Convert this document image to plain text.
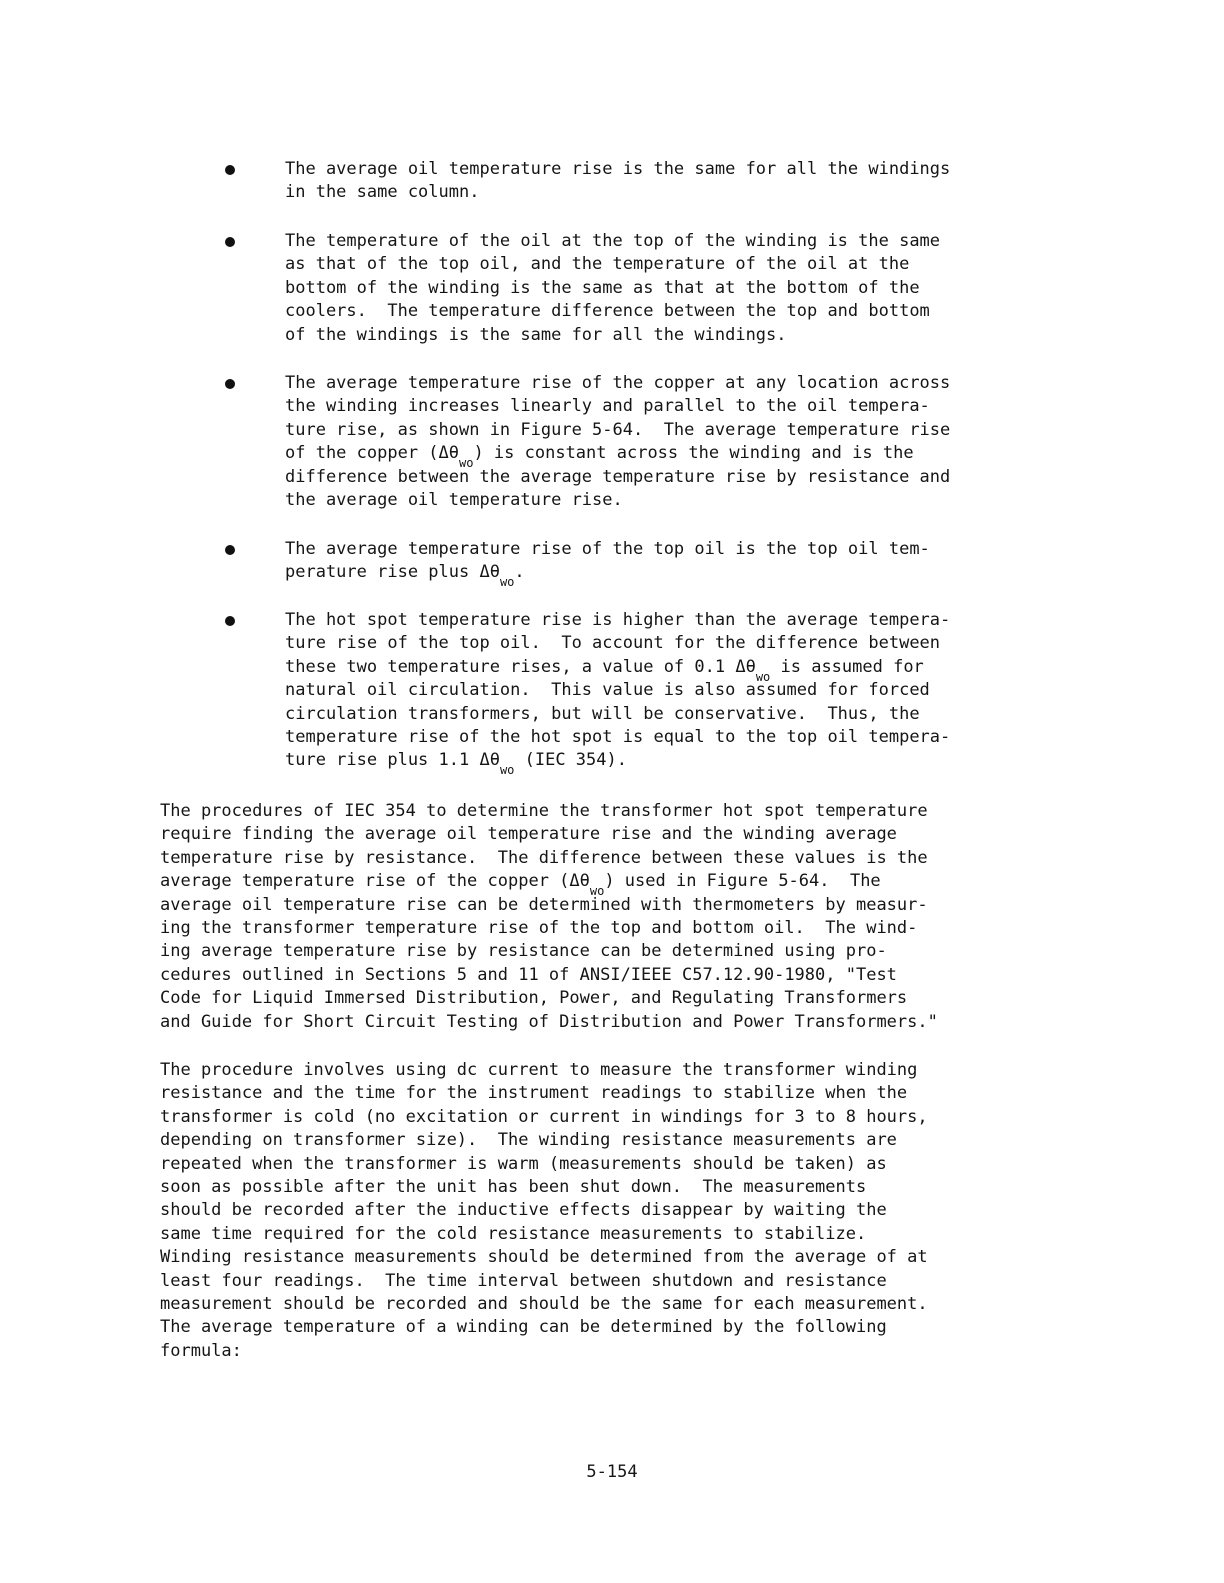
The average oil temperature rise is the same for all the windings
in the same column.
The temperature of the oil at the top of the winding is the same
as that of the top oil, and the temperature of the oil at the
bottom of the winding is the same as that at the bottom of the
coolers.  The temperature difference between the top and bottom
of the windings is the same for all the windings.
The average temperature rise of the copper at any location across
the winding increases linearly and parallel to the oil tempera-
ture rise, as shown in Figure 5-64.  The average temperature rise
of the copper $(\Delta\theta_{wo})$ is constant across the winding and is the
difference between the average temperature rise by resistance and
the average oil temperature rise.
The average temperature rise of the top oil is the top oil tem-
perature rise plus $\Delta\theta_{wo}$.
The hot spot temperature rise is higher than the average tempera-
ture rise of the top oil.  To account for the difference between
these two temperature rises, a value of 0.1 $\Delta\theta_{wo}$ is assumed for
natural oil circulation.  This value is also assumed for forced
circulation transformers, but will be conservative.  Thus, the
temperature rise of the hot spot is equal to the top oil tempera-
ture rise plus 1.1 $\Delta\theta_{wo}$ (IEC 354).
The procedures of IEC 354 to determine the transformer hot spot temperature
require finding the average oil temperature rise and the winding average
temperature rise by resistance.  The difference between these values is the
average temperature rise of the copper $(\Delta\theta_{wo})$ used in Figure 5-64.  The
average oil temperature rise can be determined with thermometers by measur-
ing the transformer temperature rise of the top and bottom oil.  The wind-
ing average temperature rise by resistance can be determined using pro-
cedures outlined in Sections 5 and 11 of ANSI/IEEE C57.12.90-1980, "Test
Code for Liquid Immersed Distribution, Power, and Regulating Transformers
and Guide for Short Circuit Testing of Distribution and Power Transformers."
The procedure involves using dc current to measure the transformer winding
resistance and the time for the instrument readings to stabilize when the
transformer is cold (no excitation or current in windings for 3 to 8 hours,
depending on transformer size).  The winding resistance measurements are
repeated when the transformer is warm (measurements should be taken) as
soon as possible after the unit has been shut down.  The measurements
should be recorded after the inductive effects disappear by waiting the
same time required for the cold resistance measurements to stabilize.
Winding resistance measurements should be determined from the average of at
least four readings.  The time interval between shutdown and resistance
measurement should be recorded and should be the same for each measurement.
The average temperature of a winding can be determined by the following
formula:
5-154
